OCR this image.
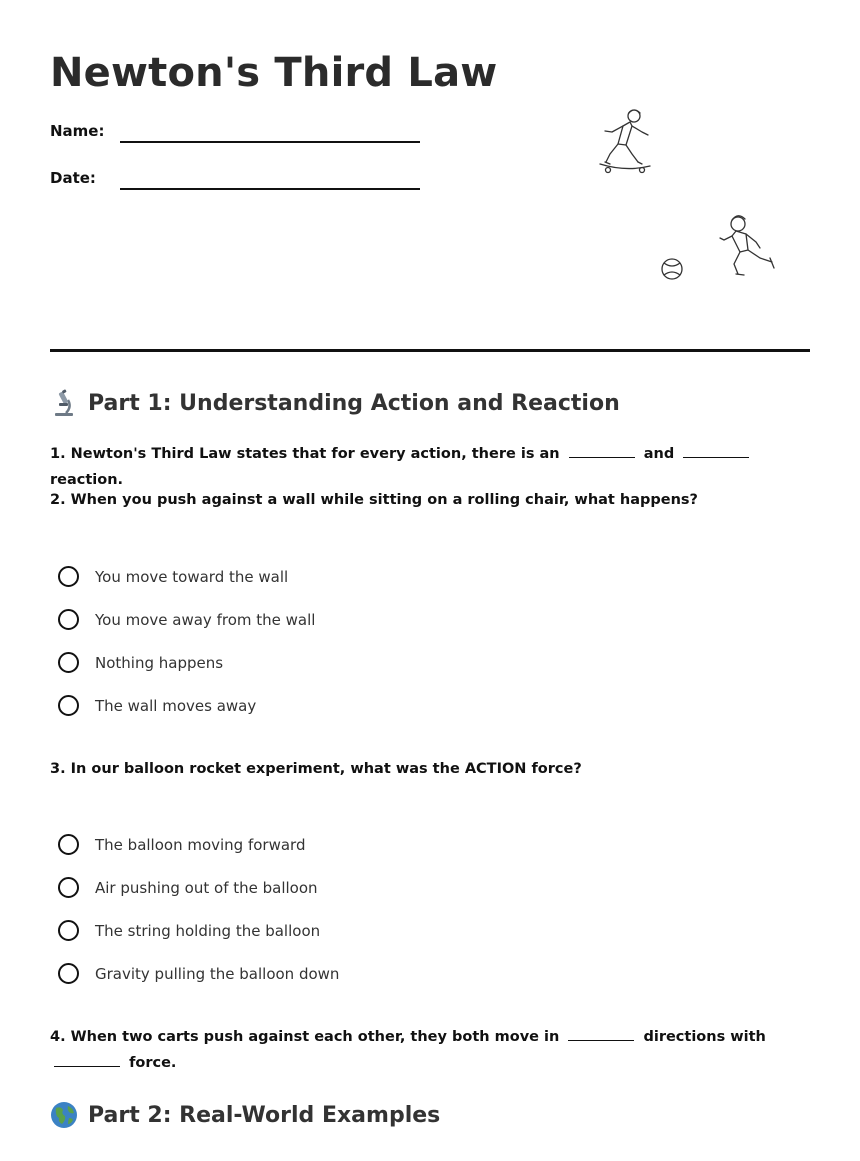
Newton's Third Law
Name:
Date:
Part 1: Understanding Action and Reaction

1. Newton's Third Law states that for every action, there is an	and  reaction.

2. When you push against a wall while sitting on a rolling chair, what happens?

You move toward the wall
You move away from the wall
Nothing happens
The wall moves away

3. In our balloon rocket experiment, what was the ACTION force?

The balloon moving forward
Air pushing out of the balloon
The string holding the balloon
Gravity pulling the balloon down

4. When two carts push against each other, they both move in	directions with  force.

Part 2: Real-World Examples
